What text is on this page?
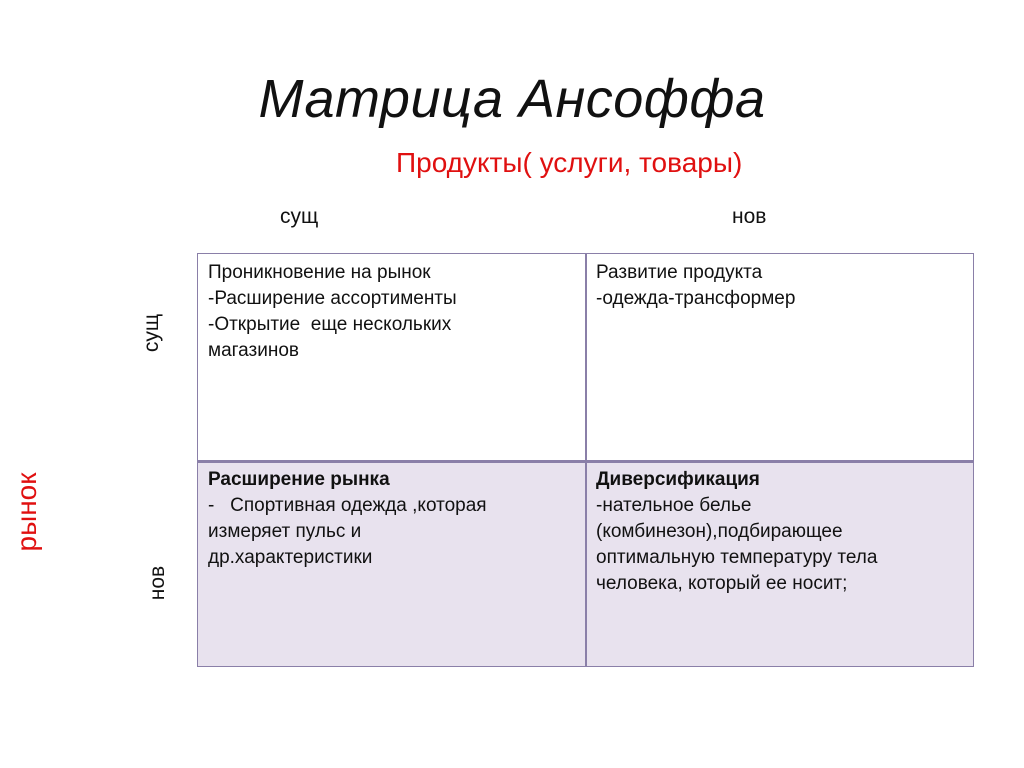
Матрица Ансоффа
Продукты( услуги, товары)
сущ	нов
рынок
сущ
нов
Проникновение на рынок
-Расширение ассортименты
-Открытие  еще нескольких
магазинов
Развитие продукта
-одежда-трансформер
Расширение рынка
-   Спортивная одежда ,которая
измеряет пульс и
др.характеристики
Диверсификация
-нательное белье
(комбинезон),подбирающее
оптимальную температуру тела
человека, который ее носит;
